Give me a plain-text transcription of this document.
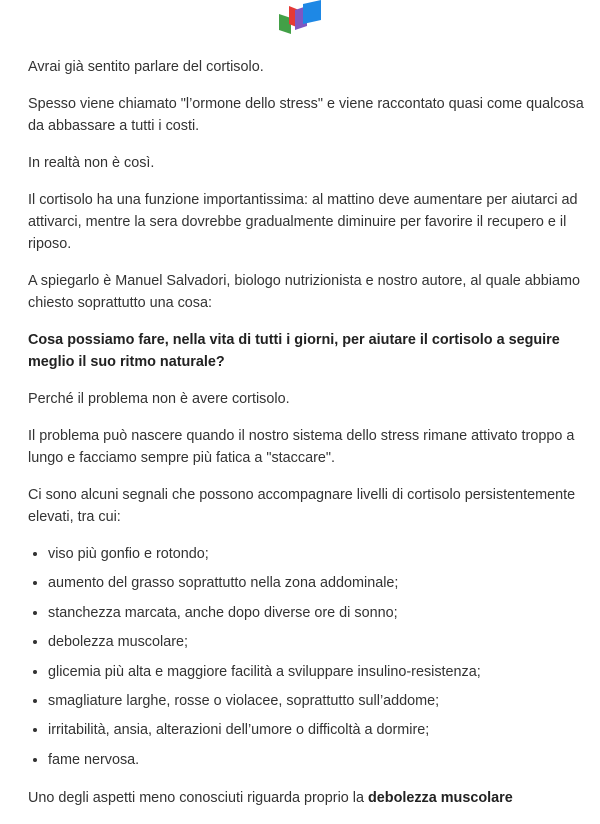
Avrai già sentito parlare del cortisolo.

Spesso viene chiamato "l’ormone dello stress" e viene raccontato quasi come qualcosa da abbassare a tutti i costi.

In realtà non è così.

Il cortisolo ha una funzione importantissima: al mattino deve aumentare per aiutarci ad attivarci, mentre la sera dovrebbe gradualmente diminuire per favorire il recupero e il riposo.

A spiegarlo è Manuel Salvadori, biologo nutrizionista e nostro autore, al quale abbiamo chiesto soprattutto una cosa:

Cosa possiamo fare, nella vita di tutti i giorni, per aiutare il cortisolo a seguire meglio il suo ritmo naturale?

Perché il problema non è avere cortisolo.

Il problema può nascere quando il nostro sistema dello stress rimane attivato troppo a lungo e facciamo sempre più fatica a "staccare".

Ci sono alcuni segnali che possono accompagnare livelli di cortisolo persistentemente elevati, tra cui:

• viso più gonfio e rotondo;
• aumento del grasso soprattutto nella zona addominale;
• stanchezza marcata, anche dopo diverse ore di sonno;
• debolezza muscolare;
• glicemia più alta e maggiore facilità a sviluppare insulino-resistenza;
• smagliature larghe, rosse o violacee, soprattutto sull’addome;
• irritabilità, ansia, alterazioni dell’umore o difficoltà a dormire;
• fame nervosa.

Uno degli aspetti meno conosciuti riguarda proprio la debolezza muscolare
